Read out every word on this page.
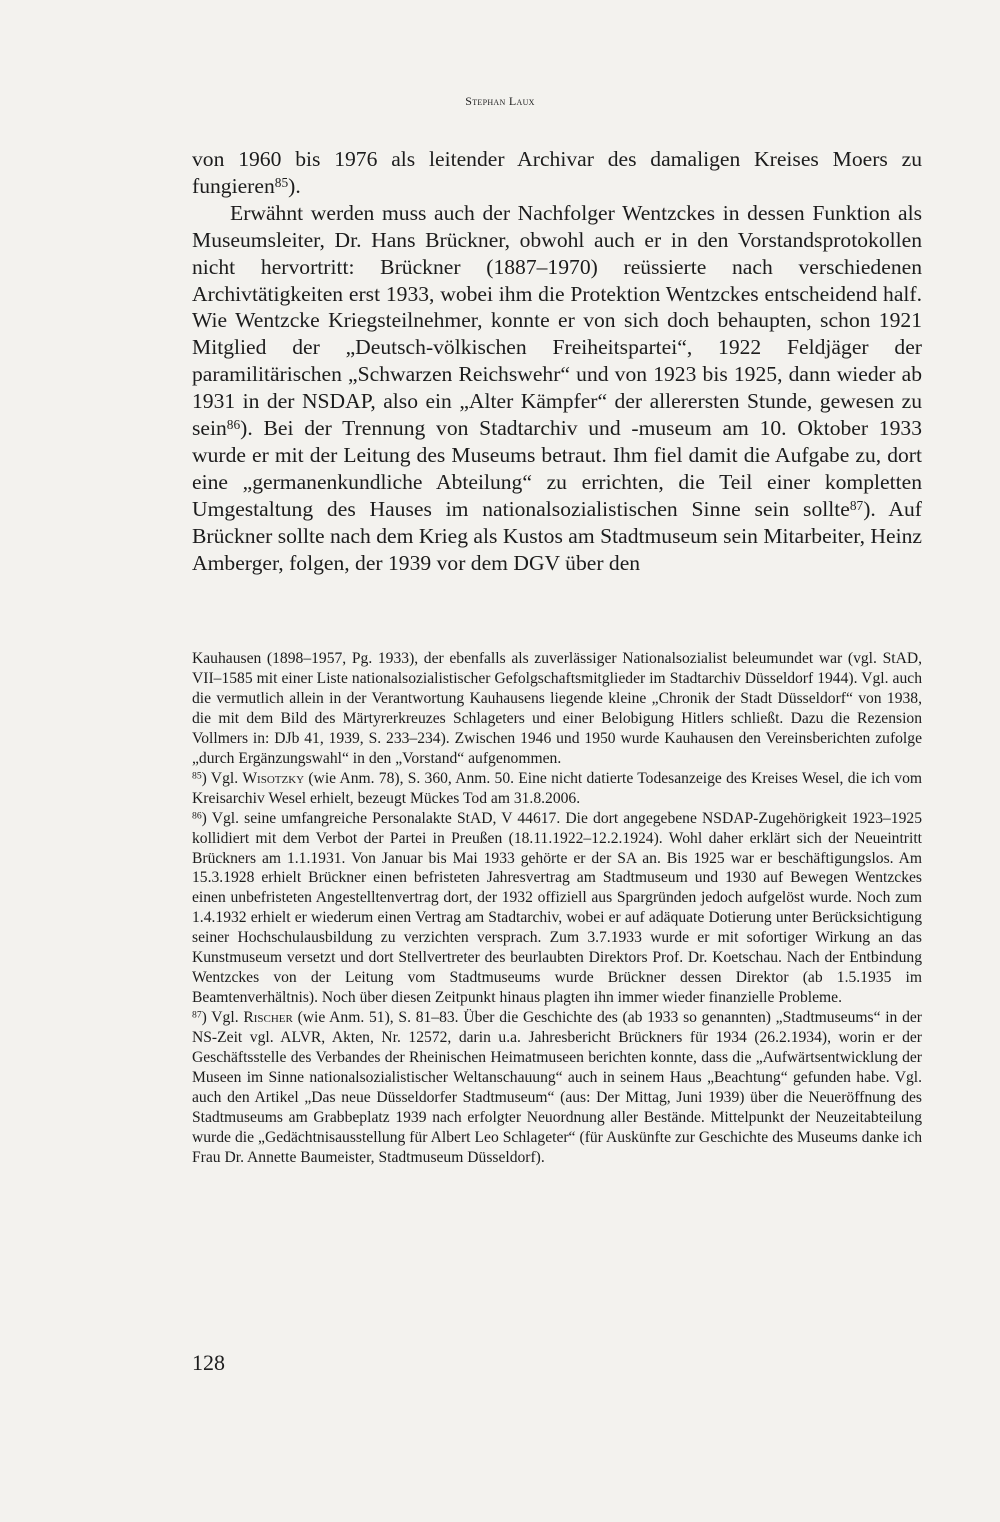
Stephan Laux

von 1960 bis 1976 als leitender Archivar des damaligen Kreises Moers zu fungieren$^{85}$).

Erwähnt werden muss auch der Nachfolger Wentzckes in dessen Funktion als Museumsleiter, Dr. Hans Brückner, obwohl auch er in den Vorstandsprotokollen nicht hervortritt: Brückner (1887–1970) reüssierte nach verschiedenen Archivtätigkeiten erst 1933, wobei ihm die Protektion Wentzckes entscheidend half. Wie Wentzcke Kriegsteilnehmer, konnte er von sich doch behaupten, schon 1921 Mitglied der „Deutsch-völkischen Freiheitspartei“, 1922 Feldjäger der paramilitärischen „Schwarzen Reichswehr“ und von 1923 bis 1925, dann wieder ab 1931 in der NSDAP, also ein „Alter Kämpfer“ der allerersten Stunde, gewesen zu sein$^{86}$). Bei der Trennung von Stadtarchiv und -museum am 10. Oktober 1933 wurde er mit der Leitung des Museums betraut. Ihm fiel damit die Aufgabe zu, dort eine „germanenkundliche Abteilung“ zu errichten, die Teil einer kompletten Umgestaltung des Hauses im nationalsozialistischen Sinne sein sollte$^{87}$). Auf Brückner sollte nach dem Krieg als Kustos am Stadtmuseum sein Mitarbeiter, Heinz Amberger, folgen, der 1939 vor dem DGV über den

Kauhausen (1898–1957, Pg. 1933), der ebenfalls als zuverlässiger Nationalsozialist beleumundet war (vgl. StAD, VII–1585 mit einer Liste nationalsozialistischer Gefolgschaftsmitglieder im Stadtarchiv Düsseldorf 1944). Vgl. auch die vermutlich allein in der Verantwortung Kauhausens liegende kleine „Chronik der Stadt Düsseldorf“ von 1938, die mit dem Bild des Märtyrerkreuzes Schlageters und einer Belobigung Hitlers schließt. Dazu die Rezension Vollmers in: DJb 41, 1939, S. 233–234). Zwischen 1946 und 1950 wurde Kauhausen den Vereinsberichten zufolge „durch Ergänzungswahl“ in den „Vorstand“ aufgenommen.

$^{85}$) Vgl. Wisotzky (wie Anm. 78), S. 360, Anm. 50. Eine nicht datierte Todesanzeige des Kreises Wesel, die ich vom Kreisarchiv Wesel erhielt, bezeugt Mückes Tod am 31.8.2006.

$^{86}$) Vgl. seine umfangreiche Personalakte StAD, V 44617. Die dort angegebene NSDAP-Zugehörigkeit 1923–1925 kollidiert mit dem Verbot der Partei in Preußen (18.11.1922–12.2.1924). Wohl daher erklärt sich der Neueintritt Brückners am 1.1.1931. Von Januar bis Mai 1933 gehörte er der SA an. Bis 1925 war er beschäftigungslos. Am 15.3.1928 erhielt Brückner einen befristeten Jahresvertrag am Stadtmuseum und 1930 auf Bewegen Wentzckes einen unbefristeten Angestelltenvertrag dort, der 1932 offiziell aus Spargründen jedoch aufgelöst wurde. Noch zum 1.4.1932 erhielt er wiederum einen Vertrag am Stadtarchiv, wobei er auf adäquate Dotierung unter Berücksichtigung seiner Hochschulausbildung zu verzichten versprach. Zum 3.7.1933 wurde er mit sofortiger Wirkung an das Kunstmuseum versetzt und dort Stellvertreter des beurlaubten Direktors Prof. Dr. Koetschau. Nach der Entbindung Wentzckes von der Leitung vom Stadtmuseums wurde Brückner dessen Direktor (ab 1.5.1935 im Beamtenverhältnis). Noch über diesen Zeitpunkt hinaus plagten ihn immer wieder finanzielle Probleme.

$^{87}$) Vgl. Rischer (wie Anm. 51), S. 81–83. Über die Geschichte des (ab 1933 so genannten) „Stadtmuseums“ in der NS-Zeit vgl. ALVR, Akten, Nr. 12572, darin u.a. Jahresbericht Brückners für 1934 (26.2.1934), worin er der Geschäftsstelle des Verbandes der Rheinischen Heimatmuseen berichten konnte, dass die „Aufwärtsentwicklung der Museen im Sinne nationalsozialistischer Weltanschauung“ auch in seinem Haus „Beachtung“ gefunden habe. Vgl. auch den Artikel „Das neue Düsseldorfer Stadtmuseum“ (aus: Der Mittag, Juni 1939) über die Neueröffnung des Stadtmuseums am Grabbeplatz 1939 nach erfolgter Neuordnung aller Bestände. Mittelpunkt der Neuzeitabteilung wurde die „Gedächtnisausstellung für Albert Leo Schlageter“ (für Auskünfte zur Geschichte des Museums danke ich Frau Dr. Annette Baumeister, Stadtmuseum Düsseldorf).

128
